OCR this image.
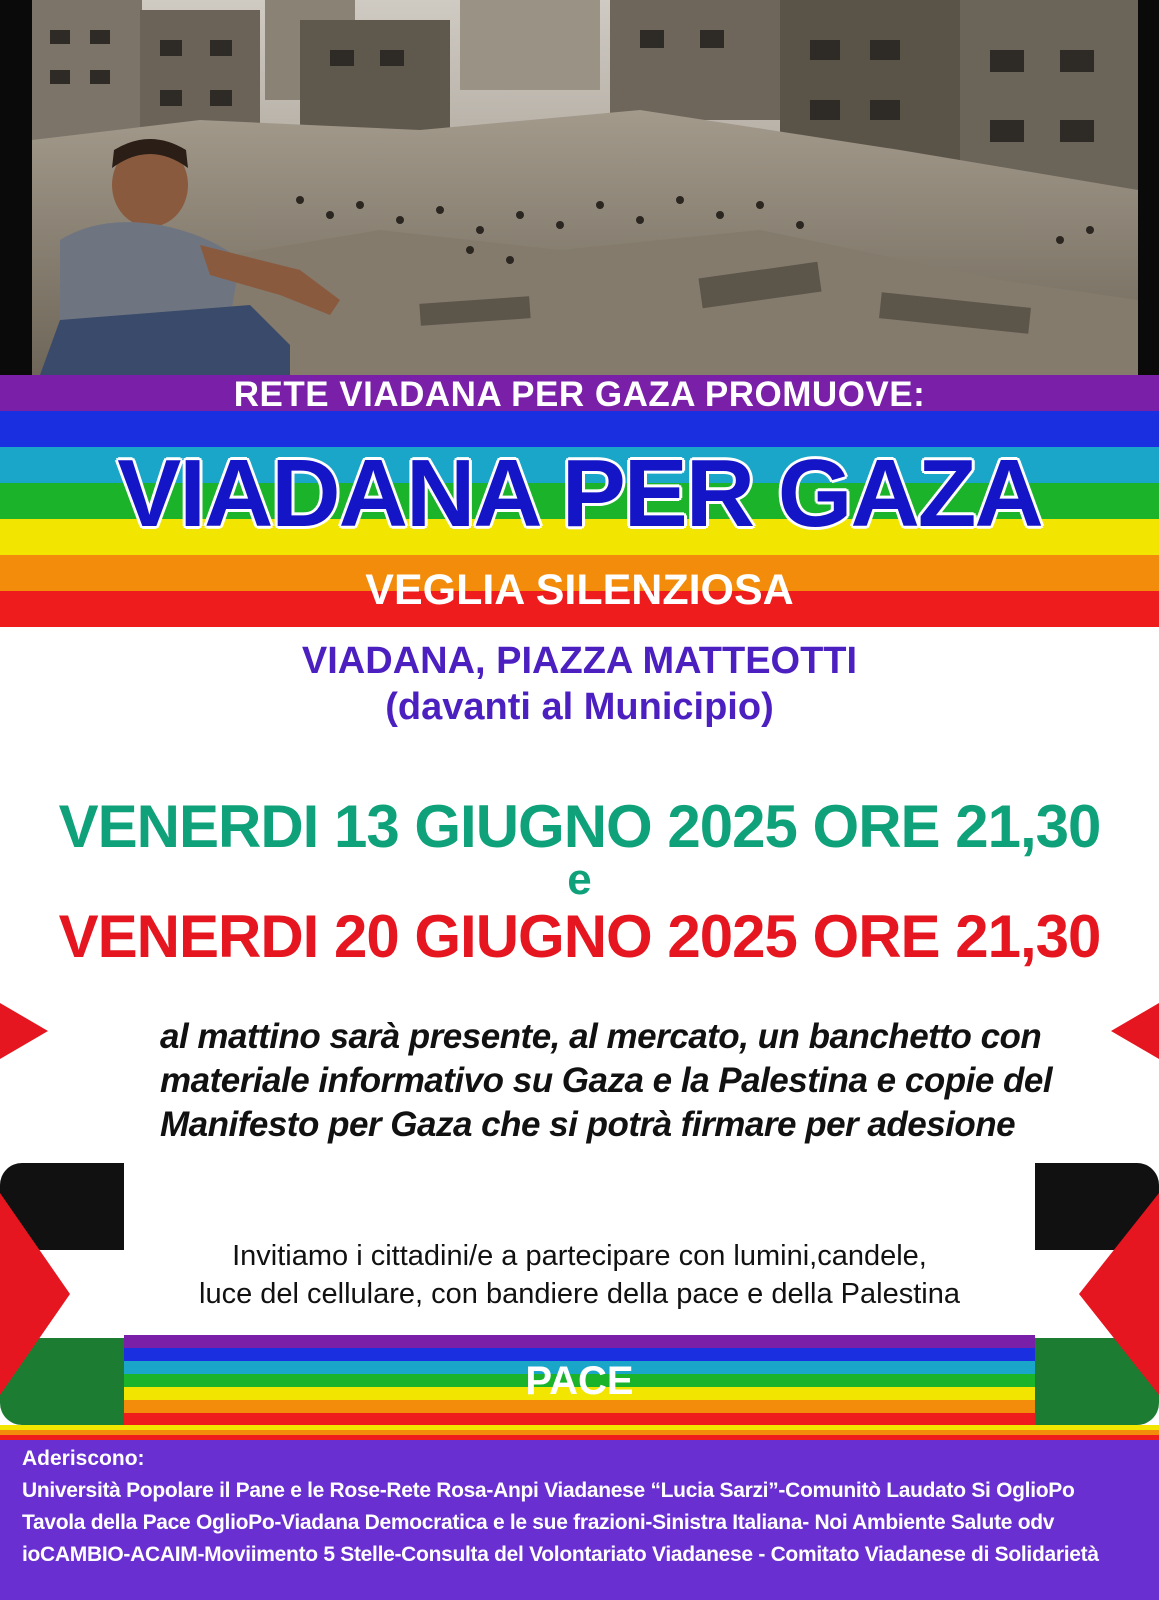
RETE VIADANA PER GAZA PROMUOVE:
VIADANA PER GAZA
VEGLIA SILENZIOSA
VIADANA, PIAZZA MATTEOTTI
(davanti al Municipio)
VENERDI 13 GIUGNO 2025 ORE 21,30
e
VENERDI 20 GIUGNO 2025 ORE 21,30
al mattino sarà presente, al mercato, un banchetto con
materiale informativo su Gaza e la Palestina e copie del
Manifesto per Gaza che si potrà firmare per adesione
Invitiamo i cittadini/e a partecipare con lumini,candele,
luce del cellulare, con bandiere della pace e della Palestina
PACE
Aderiscono:
Università Popolare il Pane e le Rose-Rete Rosa-Anpi Viadanese “Lucia Sarzi”-Comunitò Laudato Si OglioPo
Tavola della Pace OglioPo-Viadana Democratica e le sue frazioni-Sinistra Italiana- Noi Ambiente Salute odv
ioCAMBIO-ACAIM-Moviimento 5 Stelle-Consulta del Volontariato Viadanese - Comitato Viadanese di Solidarietà
